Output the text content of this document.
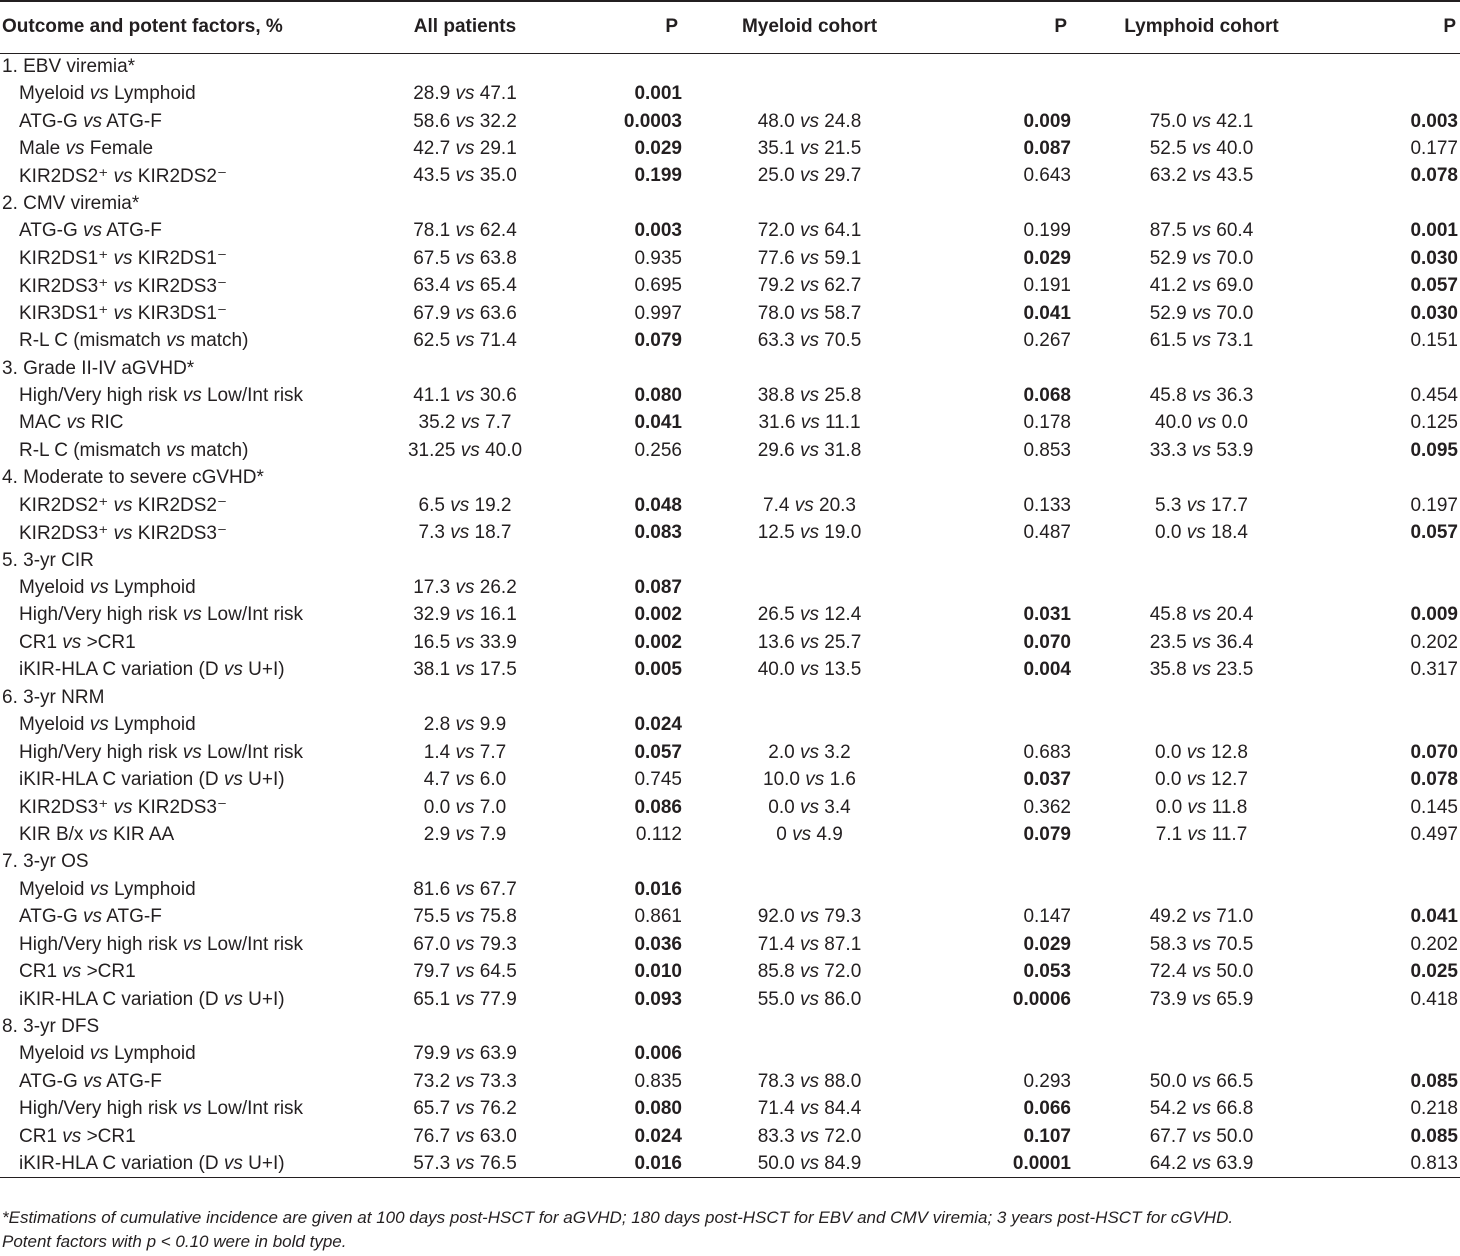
Outcome and potent factors, %	All patients	P	Myeloid cohort	P	Lymphoid cohort	P
1. EBV viremia*						
Myeloid vs Lymphoid	28.9 vs 47.1	0.001				
ATG-G vs ATG-F	58.6 vs 32.2	0.0003	48.0 vs 24.8	0.009	75.0 vs 42.1	0.003
Male vs Female	42.7 vs 29.1	0.029	35.1 vs 21.5	0.087	52.5 vs 40.0	0.177
KIR2DS2⁺ vs KIR2DS2⁻	43.5 vs 35.0	0.199	25.0 vs 29.7	0.643	63.2 vs 43.5	0.078
2. CMV viremia*						
ATG-G vs ATG-F	78.1 vs 62.4	0.003	72.0 vs 64.1	0.199	87.5 vs 60.4	0.001
KIR2DS1⁺ vs KIR2DS1⁻	67.5 vs 63.8	0.935	77.6 vs 59.1	0.029	52.9 vs 70.0	0.030
KIR2DS3⁺ vs KIR2DS3⁻	63.4 vs 65.4	0.695	79.2 vs 62.7	0.191	41.2 vs 69.0	0.057
KIR3DS1⁺ vs KIR3DS1⁻	67.9 vs 63.6	0.997	78.0 vs 58.7	0.041	52.9 vs 70.0	0.030
R-L C (mismatch vs match)	62.5 vs 71.4	0.079	63.3 vs 70.5	0.267	61.5 vs 73.1	0.151
3. Grade II-IV aGVHD*						
High/Very high risk vs Low/Int risk	41.1 vs 30.6	0.080	38.8 vs 25.8	0.068	45.8 vs 36.3	0.454
MAC vs RIC	35.2 vs 7.7	0.041	31.6 vs 11.1	0.178	40.0 vs 0.0	0.125
R-L C (mismatch vs match)	31.25 vs 40.0	0.256	29.6 vs 31.8	0.853	33.3 vs 53.9	0.095
4. Moderate to severe cGVHD*						
KIR2DS2⁺ vs KIR2DS2⁻	6.5 vs 19.2	0.048	7.4 vs 20.3	0.133	5.3 vs 17.7	0.197
KIR2DS3⁺ vs KIR2DS3⁻	7.3 vs 18.7	0.083	12.5 vs 19.0	0.487	0.0 vs 18.4	0.057
5. 3-yr CIR						
Myeloid vs Lymphoid	17.3 vs 26.2	0.087				
High/Very high risk vs Low/Int risk	32.9 vs 16.1	0.002	26.5 vs 12.4	0.031	45.8 vs 20.4	0.009
CR1 vs >CR1	16.5 vs 33.9	0.002	13.6 vs 25.7	0.070	23.5 vs 36.4	0.202
iKIR-HLA C variation (D vs U+I)	38.1 vs 17.5	0.005	40.0 vs 13.5	0.004	35.8 vs 23.5	0.317
6. 3-yr NRM						
Myeloid vs Lymphoid	2.8 vs 9.9	0.024				
High/Very high risk vs Low/Int risk	1.4 vs 7.7	0.057	2.0 vs 3.2	0.683	0.0 vs 12.8	0.070
iKIR-HLA C variation (D vs U+I)	4.7 vs 6.0	0.745	10.0 vs 1.6	0.037	0.0 vs 12.7	0.078
KIR2DS3⁺ vs KIR2DS3⁻	0.0 vs 7.0	0.086	0.0 vs 3.4	0.362	0.0 vs 11.8	0.145
KIR B/x vs KIR AA	2.9 vs 7.9	0.112	0 vs 4.9	0.079	7.1 vs 11.7	0.497
7. 3-yr OS						
Myeloid vs Lymphoid	81.6 vs 67.7	0.016				
ATG-G vs ATG-F	75.5 vs 75.8	0.861	92.0 vs 79.3	0.147	49.2 vs 71.0	0.041
High/Very high risk vs Low/Int risk	67.0 vs 79.3	0.036	71.4 vs 87.1	0.029	58.3 vs 70.5	0.202
CR1 vs >CR1	79.7 vs 64.5	0.010	85.8 vs 72.0	0.053	72.4 vs 50.0	0.025
iKIR-HLA C variation (D vs U+I)	65.1 vs 77.9	0.093	55.0 vs 86.0	0.0006	73.9 vs 65.9	0.418
8. 3-yr DFS						
Myeloid vs Lymphoid	79.9 vs 63.9	0.006				
ATG-G vs ATG-F	73.2 vs 73.3	0.835	78.3 vs 88.0	0.293	50.0 vs 66.5	0.085
High/Very high risk vs Low/Int risk	65.7 vs 76.2	0.080	71.4 vs 84.4	0.066	54.2 vs 66.8	0.218
CR1 vs >CR1	76.7 vs 63.0	0.024	83.3 vs 72.0	0.107	67.7 vs 50.0	0.085
iKIR-HLA C variation (D vs U+I)	57.3 vs 76.5	0.016	50.0 vs 84.9	0.0001	64.2 vs 63.9	0.813
*Estimations of cumulative incidence are given at 100 days post-HSCT for aGVHD; 180 days post-HSCT for EBV and CMV viremia; 3 years post-HSCT for cGVHD.
Potent factors with p < 0.10 were in bold type.
